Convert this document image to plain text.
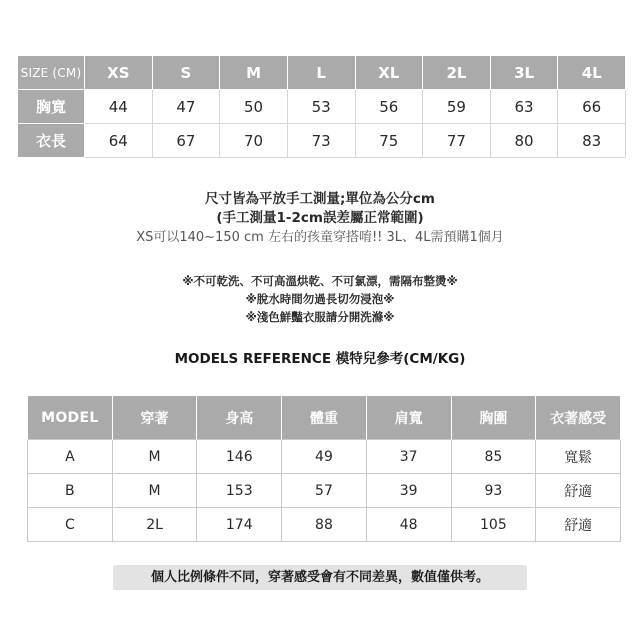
SIZE (CM)	XS	S	M	L	XL	2L	3L	4L
胸寬	44	47	50	53	56	59	63	66
衣長	64	67	70	73	75	77	80	83
尺寸皆為平放手工測量;單位為公分cm
(手工測量1-2cm誤差屬正常範圍)
XS可以140~150 cm 左右的孩童穿搭唷!! 3L、4L需預購1個月
※不可乾洗、不可高溫烘乾、不可氯漂，需隔布整燙※
※脫水時間勿過長切勿浸泡※
※淺色鮮豔衣服請分開洗滌※
MODELS REFERENCE 模特兒參考(CM/KG)
MODEL	穿著	身高	體重	肩寬	胸圍	衣著感受
A	M	146	49	37	85	寬鬆
B	M	153	57	39	93	舒適
C	2L	174	88	48	105	舒適
個人比例條件不同，穿著感受會有不同差異，數值僅供考。
